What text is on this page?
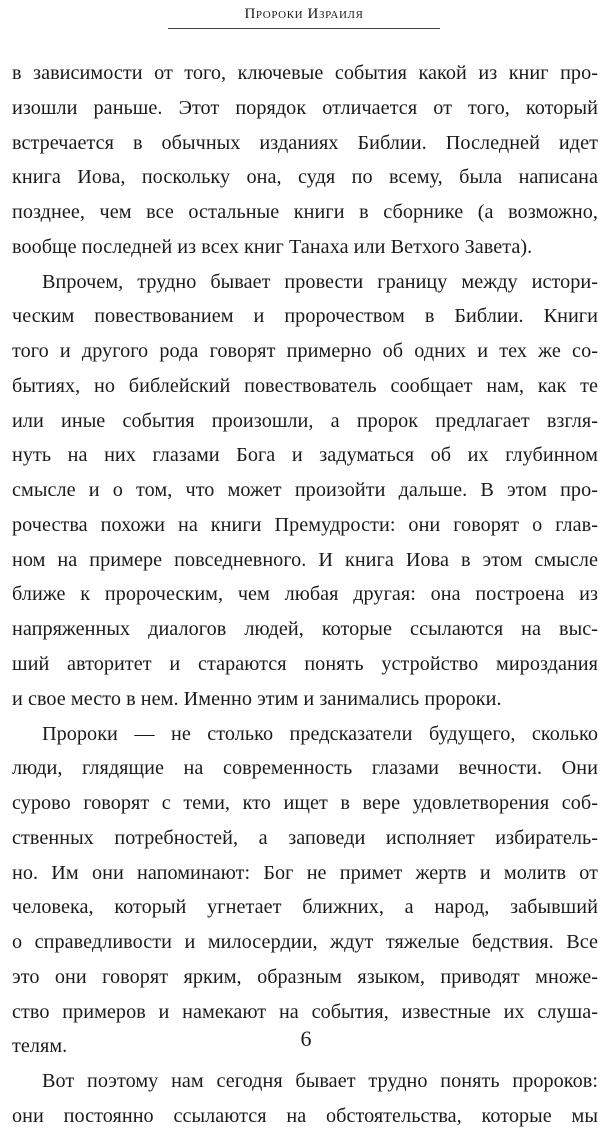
Пророки Израиля
в зависимости от того, ключевые события какой из книг про-
изошли раньше. Этот порядок отличается от того, который
встречается в обычных изданиях Библии. Последней идет
книга Иова, поскольку она, судя по всему, была написана
позднее, чем все остальные книги в сборнике (а возможно,
вообще последней из всех книг Танаха или Ветхого Завета).
Впрочем, трудно бывает провести границу между истори-
ческим повествованием и пророчеством в Библии. Книги
того и другого рода говорят примерно об одних и тех же со-
бытиях, но библейский повествователь сообщает нам, как те
или иные события произошли, а пророк предлагает взгля-
нуть на них глазами Бога и задуматься об их глубинном
смысле и о том, что может произойти дальше. В этом про-
рочества похожи на книги Премудрости: они говорят о глав-
ном на примере повседневного. И книга Иова в этом смысле
ближе к пророческим, чем любая другая: она построена из
напряженных диалогов людей, которые ссылаются на выс-
ший авторитет и стараются понять устройство мироздания
и свое место в нем. Именно этим и занимались пророки.
Пророки — не столько предсказатели будущего, сколько
люди, глядящие на современность глазами вечности. Они
сурово говорят с теми, кто ищет в вере удовлетворения соб-
ственных потребностей, а заповеди исполняет избиратель-
но. Им они напоминают: Бог не примет жертв и молитв от
человека, который угнетает ближних, а народ, забывший
о справедливости и милосердии, ждут тяжелые бедствия. Все
это они говорят ярким, образным языком, приводят множе-
ство примеров и намекают на события, известные их слуша-
телям.
Вот поэтому нам сегодня бывает трудно понять пророков:
они постоянно ссылаются на обстоятельства, которые мы
6
